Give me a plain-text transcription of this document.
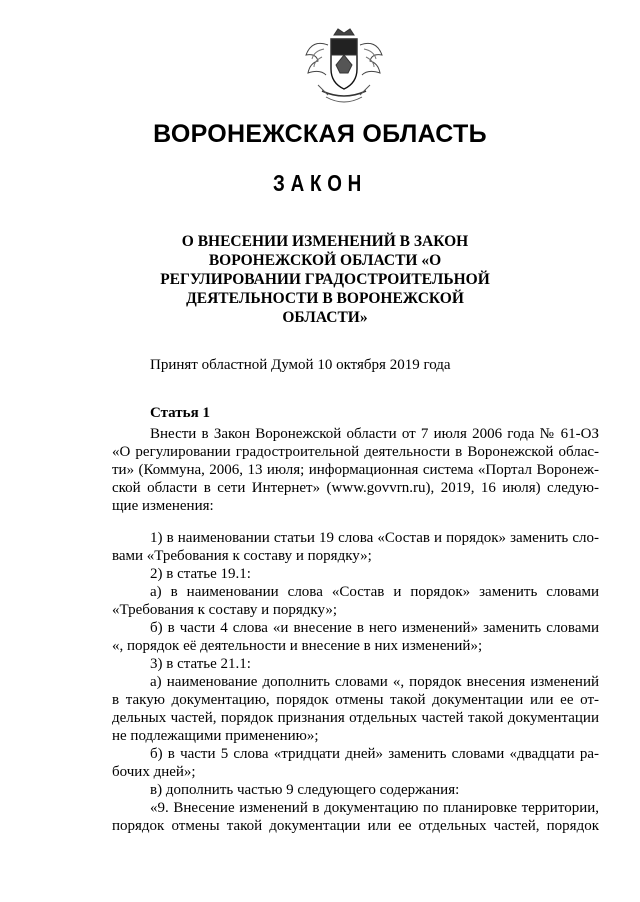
ВОРОНЕЖСКАЯ ОБЛАСТЬ
ЗАКОН
О ВНЕСЕНИИ ИЗМЕНЕНИЙ В ЗАКОН
ВОРОНЕЖСКОЙ ОБЛАСТИ «О
РЕГУЛИРОВАНИИ ГРАДОСТРОИТЕЛЬНОЙ
ДЕЯТЕЛЬНОСТИ В ВОРОНЕЖСКОЙ
ОБЛАСТИ»
Принят областной Думой 10 октября 2019 года
Статья 1
Внести в Закон Воронежской области от 7 июля 2006 года № 61-ОЗ
«О регулировании градостроительной деятельности в Воронежской облас-
ти» (Коммуна, 2006, 13 июля; информационная система «Портал Воронеж-
ской области в сети Интернет» (www.govvrn.ru), 2019, 16 июля) следую-
щие изменения:
1) в наименовании статьи 19 слова «Состав и порядок» заменить сло-
вами «Требования к составу и порядку»;
2) в статье 19.1:
а) в наименовании слова «Состав и порядок» заменить словами
«Требования к составу и порядку»;
б) в части 4 слова «и внесение в него изменений» заменить словами
«, порядок её деятельности и внесение в них изменений»;
3) в статье 21.1:
а) наименование дополнить словами «, порядок внесения изменений
в такую документацию, порядок отмены такой документации или ее от-
дельных частей, порядок признания отдельных частей такой документации
не подлежащими применению»;
б) в части 5 слова «тридцати дней» заменить словами «двадцати ра-
бочих дней»;
в) дополнить частью 9 следующего содержания:
«9. Внесение изменений в документацию по планировке территории,
порядок отмены такой документации или ее отдельных частей, порядок
